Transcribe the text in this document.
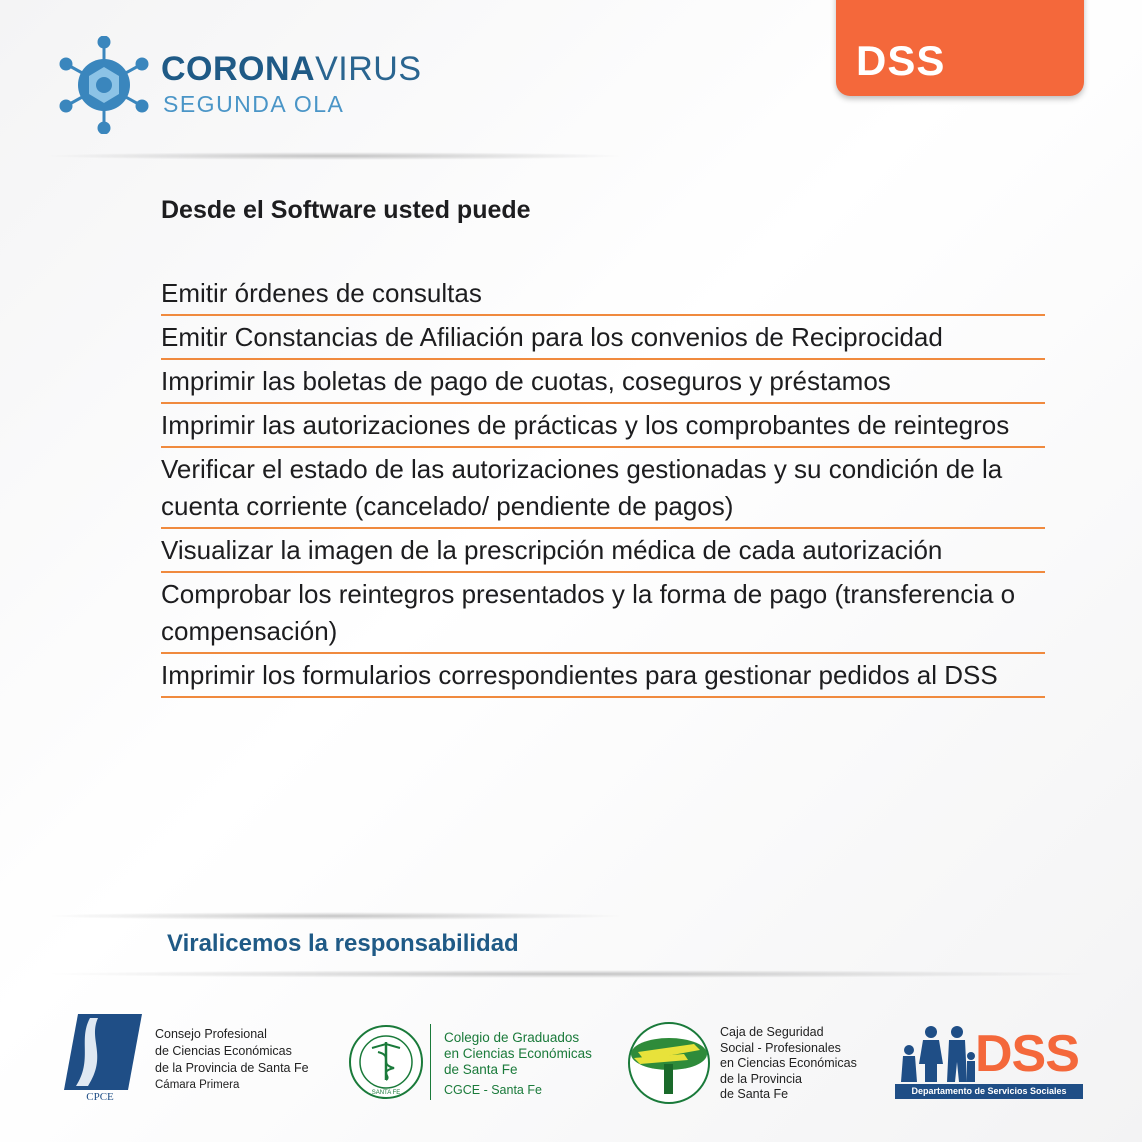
CORONAVIRUS
SEGUNDA OLA
DSS
Desde el Software usted puede
Emitir órdenes de consultas
Emitir Constancias de Afiliación para los convenios de Reciprocidad
Imprimir las boletas de pago de cuotas, coseguros y préstamos
Imprimir las autorizaciones de prácticas y los comprobantes de reintegros
Verificar el estado de las autorizaciones gestionadas y su condición de la cuenta corriente (cancelado/ pendiente de pagos)
Visualizar la imagen de la prescripción médica de cada autorización
Comprobar los reintegros presentados y la forma de pago (transferencia o compensación)
Imprimir los formularios correspondientes para gestionar pedidos al DSS
Viralicemos la responsabilidad
CPCE
Consejo Profesional
de Ciencias Económicas
de la Provincia de Santa Fe
Cámara Primera
SANTA FE
Colegio de Graduados
en Ciencias Económicas
de Santa Fe
CGCE - Santa Fe
Caja de Seguridad
Social - Profesionales
en Ciencias Económicas
de la Provincia
de Santa Fe
DSS
Departamento de Servicios Sociales
